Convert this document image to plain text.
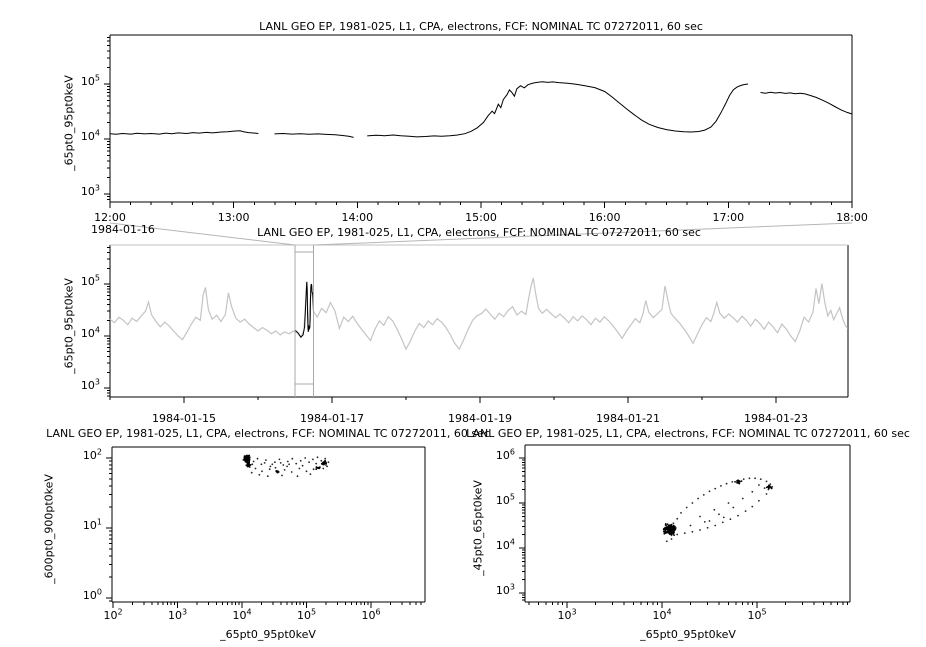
LANL GEO EP, 1981-025, L1, CPA, electrons, FCF: NOMINAL TC 07272011, 60 sec
LANL GEO EP, 1981-025, L1, CPA, electrons, FCF: NOMINAL TC 07272011, 60 sec
LANL GEO EP, 1981-025, L1, CPA, electrons, FCF: NOMINAL TC 07272011, 60 sec
LANL GEO EP, 1981-025, L1, CPA, electrons, FCF: NOMINAL TC 07272011, 60 sec
_65pt0_95pt0keV
_65pt0_95pt0keV
_600pt0_900pt0keV	_45pt0_65pt0keV
_65pt0_95pt0keV	_65pt0_95pt0keV
1984-01-16
12:00	13:00	14:00	15:00	16:00	17:00	18:00
$10^3$
$10^4$
$10^5$
1984-01-15	1984-01-17	1984-01-19	1984-01-21	1984-01-23
$10^3$
$10^4$
$10^5$
$10^0$
$10^1$
$10^2$
$10^2$	$10^3$	$10^4$	$10^5$	$10^6$
$10^3$
$10^4$
$10^5$
$10^6$
$10^3$	$10^4$	$10^5$
